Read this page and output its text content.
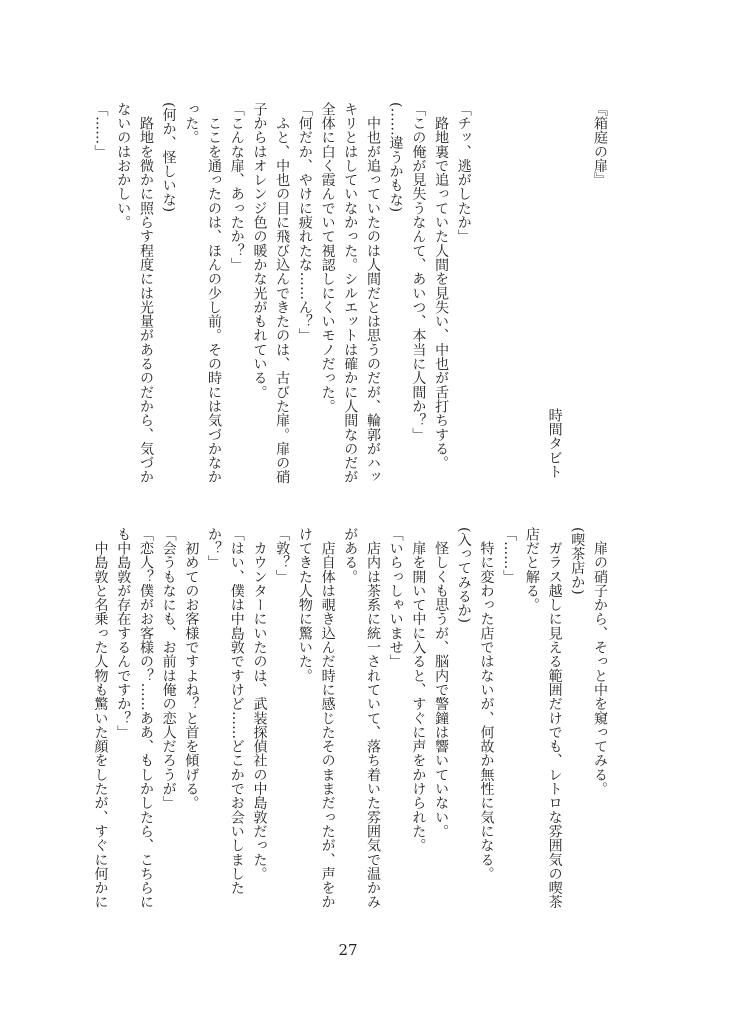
『箱庭の扉』

時間タビト

「チッ、逃がしたか」
　路地裏で追っていた人間を見失い、中也が舌打ちする。
「この俺が見失うなんて、あいつ、本当に人間か？」
(……違うかもな)
　中也が追っていたのは人間だとは思うのだが、輪郭がハッ
キリとはしていなかった。シルエットは確かに人間なのだが
全体に白く霞んでいて視認しにくいモノだった。
「何だか、やけに疲れたな……ん？」
　ふと、中也の目に飛び込んできたのは、古びた扉。扉の硝
子からはオレンジ色の暖かな光がもれている。
「こんな扉、あったか？」
　ここを通ったのは、ほんの少し前。その時には気づかなか
った。
(何か、怪しいな)
　路地を微かに照らす程度には光量があるのだから、気づか
ないのはおかしい。
「……」
　扉の硝子から、そっと中を窺ってみる。
(喫茶店か)
　ガラス越しに見える範囲だけでも、レトロな雰囲気の喫茶
店だと解る。
「……」
　特に変わった店ではないが、何故か無性に気になる。
(入ってみるか)
　怪しくも思うが、脳内で警鐘は響いていない。
　扉を開いて中に入ると、すぐに声をかけられた。
「いらっしゃいませ」
　店内は茶系に統一されていて、落ち着いた雰囲気で温かみ
がある。
　店自体は覗き込んだ時に感じたそのままだったが、声をか
けてきた人物に驚いた。
「敦？」
　カウンターにいたのは、武装探偵社の中島敦だった。
「はい、僕は中島敦ですけど……どこかでお会いしました
か？」
　初めてのお客様ですよね？と首を傾げる。
「会うもなにも、お前は俺の恋人だろうが」
「恋人？僕がお客様の？……ああ、もしかしたら、こちらに
も中島敦が存在するんですか？」
　中島敦と名乗った人物も驚いた顔をしたが、すぐに何かに
27
